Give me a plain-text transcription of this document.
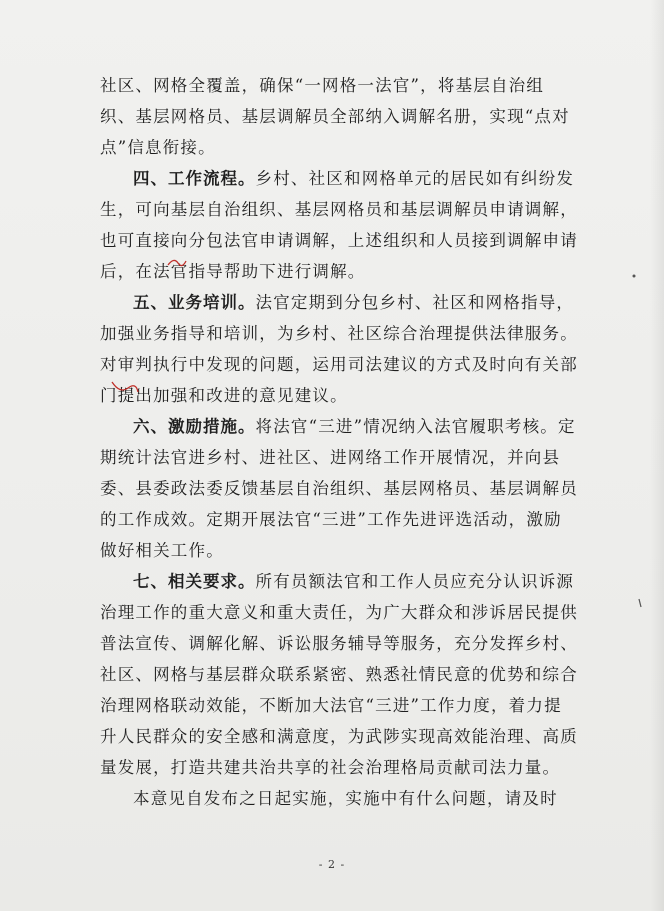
社区、网格全覆盖，确保“一网格一法官”，将基层自治组织、基层网格员、基层调解员全部纳入调解名册，实现“点对点”信息衔接。

四、工作流程。乡村、社区和网格单元的居民如有纠纷发生，可向基层自治组织、基层网格员和基层调解员申请调解，也可直接向分包法官申请调解，上述组织和人员接到调解申请后，在法官指导帮助下进行调解。

五、业务培训。法官定期到分包乡村、社区和网格指导，加强业务指导和培训，为乡村、社区综合治理提供法律服务。对审判执行中发现的问题，运用司法建议的方式及时向有关部门提出加强和改进的意见建议。

六、激励措施。将法官“三进”情况纳入法官履职考核。定期统计法官进乡村、进社区、进网络工作开展情况，并向县委、县委政法委反馈基层自治组织、基层网格员、基层调解员的工作成效。定期开展法官“三进”工作先进评选活动，激励做好相关工作。

七、相关要求。所有员额法官和工作人员应充分认识诉源治理工作的重大意义和重大责任，为广大群众和涉诉居民提供普法宣传、调解化解、诉讼服务辅导等服务，充分发挥乡村、社区、网格与基层群众联系紧密、熟悉社情民意的优势和综合治理网格联动效能，不断加大法官“三进”工作力度，着力提升人民群众的安全感和满意度，为武陟实现高效能治理、高质量发展，打造共建共治共享的社会治理格局贡献司法力量。

本意见自发布之日起实施，实施中有什么问题，请及时

- 2 -
